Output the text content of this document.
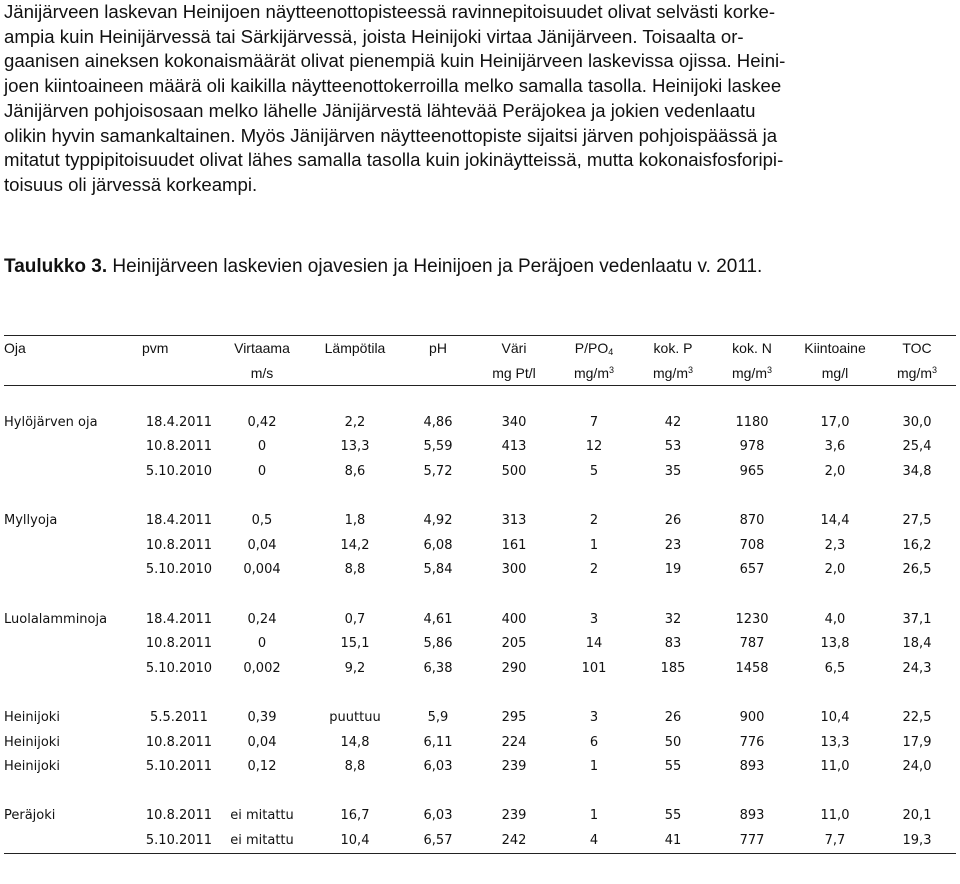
Jänijärveen laskevan Heinijoen näytteenottopisteessä ravinnepitoisuudet olivat selvästi korke-
ampia kuin Heinijärvessä tai Särkijärvessä, joista Heinijoki virtaa Jänijärveen. Toisaalta or-
gaanisen aineksen kokonaismäärät olivat pienempiä kuin Heinijärveen laskevissa ojissa. Heini-
joen kiintoaineen määrä oli kaikilla näytteenottokerroilla melko samalla tasolla. Heinijoki laskee
Jänijärven pohjoisosaan melko lähelle Jänijärvestä lähtevää Peräjokea ja jokien vedenlaatu
olikin hyvin samankaltainen. Myös Jänijärven näytteenottopiste sijaitsi järven pohjoispäässä ja
mitatut typpipitoisuudet olivat lähes samalla tasolla kuin jokinäytteissä, mutta kokonaisfosforipi-
toisuus oli järvessä korkeampi.
Taulukko 3. Heinijärveen laskevien ojavesien ja Heinijoen ja Peräjoen vedenlaatu v. 2011.
Oja	pvm	Virtaama	Lämpötila	pH	Väri	$P/PO_4$	kok. P	kok. N	Kiintoaine	TOC
		m/s			mg Pt/l	$mg/m^3$	$mg/m^3$	$mg/m^3$	mg/l	$mg/m^3$

Hylöjärven oja	18.4.2011	0,42	2,2	4,86	340	7	42	1180	17,0	30,0
	10.8.2011	0	13,3	5,59	413	12	53	978	3,6	25,4
	5.10.2010	0	8,6	5,72	500	5	35	965	2,0	34,8

Myllyoja	18.4.2011	0,5	1,8	4,92	313	2	26	870	14,4	27,5
	10.8.2011	0,04	14,2	6,08	161	1	23	708	2,3	16,2
	5.10.2010	0,004	8,8	5,84	300	2	19	657	2,0	26,5

Luolalamminoja	18.4.2011	0,24	0,7	4,61	400	3	32	1230	4,0	37,1
	10.8.2011	0	15,1	5,86	205	14	83	787	13,8	18,4
	5.10.2010	0,002	9,2	6,38	290	101	185	1458	6,5	24,3

Heinijoki	5.5.2011	0,39	puuttuu	5,9	295	3	26	900	10,4	22,5
Heinijoki	10.8.2011	0,04	14,8	6,11	224	6	50	776	13,3	17,9
Heinijoki	5.10.2011	0,12	8,8	6,03	239	1	55	893	11,0	24,0

Peräjoki	10.8.2011	ei mitattu	16,7	6,03	239	1	55	893	11,0	20,1
	5.10.2011	ei mitattu	10,4	6,57	242	4	41	777	7,7	19,3
